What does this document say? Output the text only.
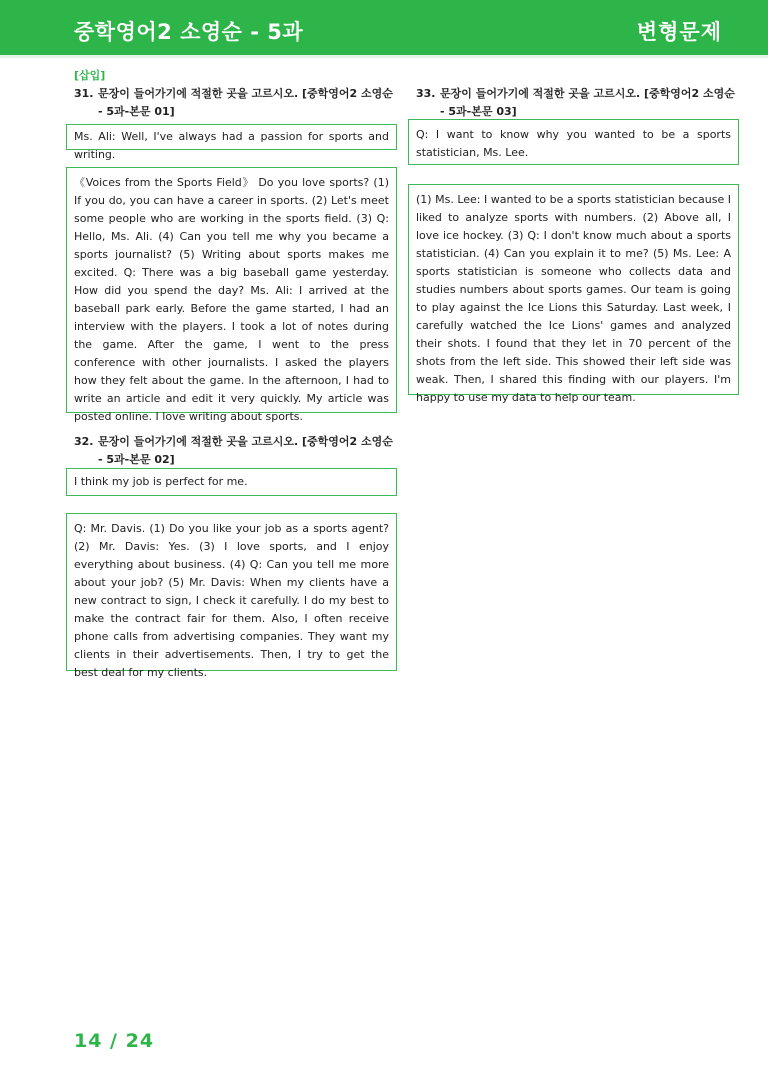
중학영어2 소영순 - 5과	변형문제
[삽입]
31. 문장이 들어가기에 적절한 곳을 고르시오. [중학영어2 소영순
- 5과-본문 01]
Ms. Ali: Well, I've always had a passion for sports and writing.
《Voices from the Sports Field》 Do you love sports? (1) If you do, you can have a career in sports. (2) Let's meet some people who are working in the sports field. (3) Q: Hello, Ms. Ali. (4) Can you tell me why you became a sports journalist? (5) Writing about sports makes me excited. Q: There was a big baseball game yesterday. How did you spend the day? Ms. Ali: I arrived at the baseball park early. Before the game started, I had an interview with the players. I took a lot of notes during the game. After the game, I went to the press conference with other journalists. I asked the players how they felt about the game. In the afternoon, I had to write an article and edit it very quickly. My article was posted online. I love writing about sports.
32. 문장이 들어가기에 적절한 곳을 고르시오. [중학영어2 소영순
- 5과-본문 02]
I think my job is perfect for me.
Q: Mr. Davis. (1) Do you like your job as a sports agent? (2) Mr. Davis: Yes. (3) I love sports, and I enjoy everything about business. (4) Q: Can you tell me more about your job? (5) Mr. Davis: When my clients have a new contract to sign, I check it carefully. I do my best to make the contract fair for them. Also, I often receive phone calls from advertising companies. They want my clients in their advertisements. Then, I try to get the best deal for my clients.
33. 문장이 들어가기에 적절한 곳을 고르시오. [중학영어2 소영순
- 5과-본문 03]
Q: I want to know why you wanted to be a sports statistician, Ms. Lee.
(1) Ms. Lee: I wanted to be a sports statistician because I liked to analyze sports with numbers. (2) Above all, I love ice hockey. (3) Q: I don't know much about a sports statistician. (4) Can you explain it to me? (5) Ms. Lee: A sports statistician is someone who collects data and studies numbers about sports games. Our team is going to play against the Ice Lions this Saturday. Last week, I carefully watched the Ice Lions' games and analyzed their shots. I found that they let in 70 percent of the shots from the left side. This showed their left side was weak. Then, I shared this finding with our players. I'm happy to use my data to help our team.
14 / 24
